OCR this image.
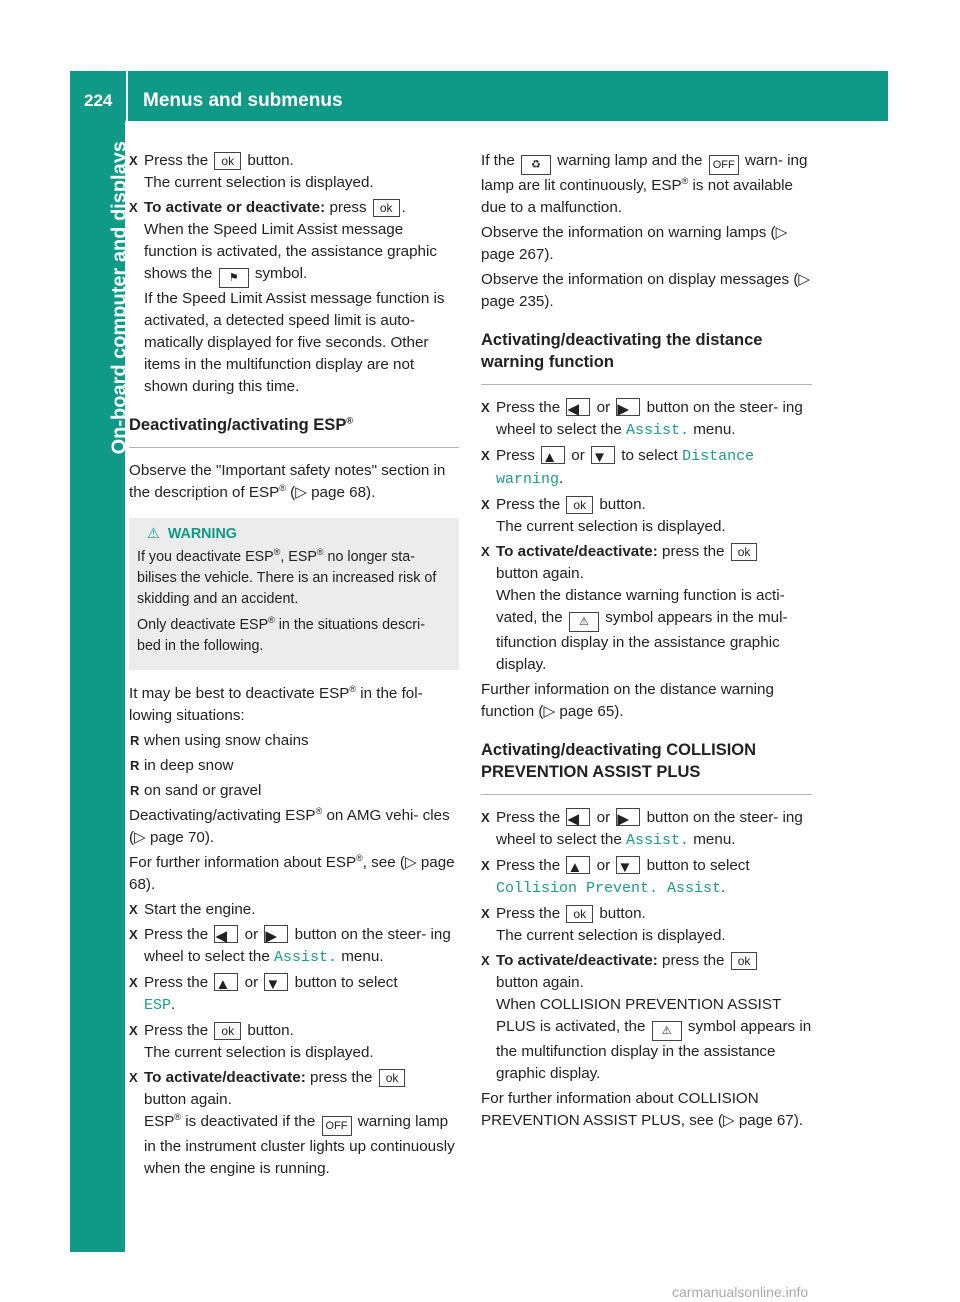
224 Menus and submenus
On-board computer and displays X Press the ok button.
The current selection is displayed.
X To activate or deactivate: press ok .
When the Speed Limit Assist message function is activated, the assistance graphic shows the ⚑ symbol.

If the Speed Limit Assist message function is activated, a detected speed limit is auto- matically displayed for five seconds. Other items in the multifunction display are not shown during this time.

Deactivating/activating ESP®

Observe the "Important safety notes" section in the description of ESP® (▷ page 68).

⚠ WARNING

If you deactivate ESP®, ESP® no longer sta- bilises the vehicle. There is an increased risk of skidding and an accident.

Only deactivate ESP® in the situations descri- bed in the following.

It may be best to deactivate ESP® in the fol- lowing situations:

R when using snow chains
R in deep snow
R on sand or gravel

Deactivating/activating ESP® on AMG vehi- cles (▷ page 70).

For further information about ESP®, see (▷ page 68).

X Start the engine.
X Press the ◀ or ▶ button on the steer- ing wheel to select the Assist. menu.
X Press the ▲ or ▼ button to select
ESP.
X Press the ok button.
The current selection is displayed.
X To activate/deactivate: press the ok
button again.
ESP® is deactivated if the OFF warning lamp in the instrument cluster lights up continuously when the engine is running.

If the ♻ warning lamp and the OFF warn- ing lamp are lit continuously, ESP® is not available due to a malfunction.

Observe the information on warning lamps (▷ page 267).

Observe the information on display messages (▷ page 235).

Activating/deactivating the distance warning function
X Press the ◀ or ▶ button on the steer- ing wheel to select the Assist. menu.
X Press ▲ or ▼ to select Distance warning.
X Press the ok button.
The current selection is displayed.
X To activate/deactivate: press the ok
button again.
When the distance warning function is acti- vated, the ⚠ symbol appears in the mul- tifunction display in the assistance graphic display.

Further information on the distance warning function (▷ page 65).

Activating/deactivating COLLISION PREVENTION ASSIST PLUS
X Press the ◀ or ▶ button on the steer- ing wheel to select the Assist. menu.
X Press the ▲ or ▼ button to select
Collision Prevent. Assist.
X Press the ok button.
The current selection is displayed.
X To activate/deactivate: press the ok
button again.
When COLLISION PREVENTION ASSIST PLUS is activated, the ⚠ symbol appears in the multifunction display in the assistance graphic display.

For further information about COLLISION PREVENTION ASSIST PLUS, see (▷ page 67).

carmanualsonline.info
